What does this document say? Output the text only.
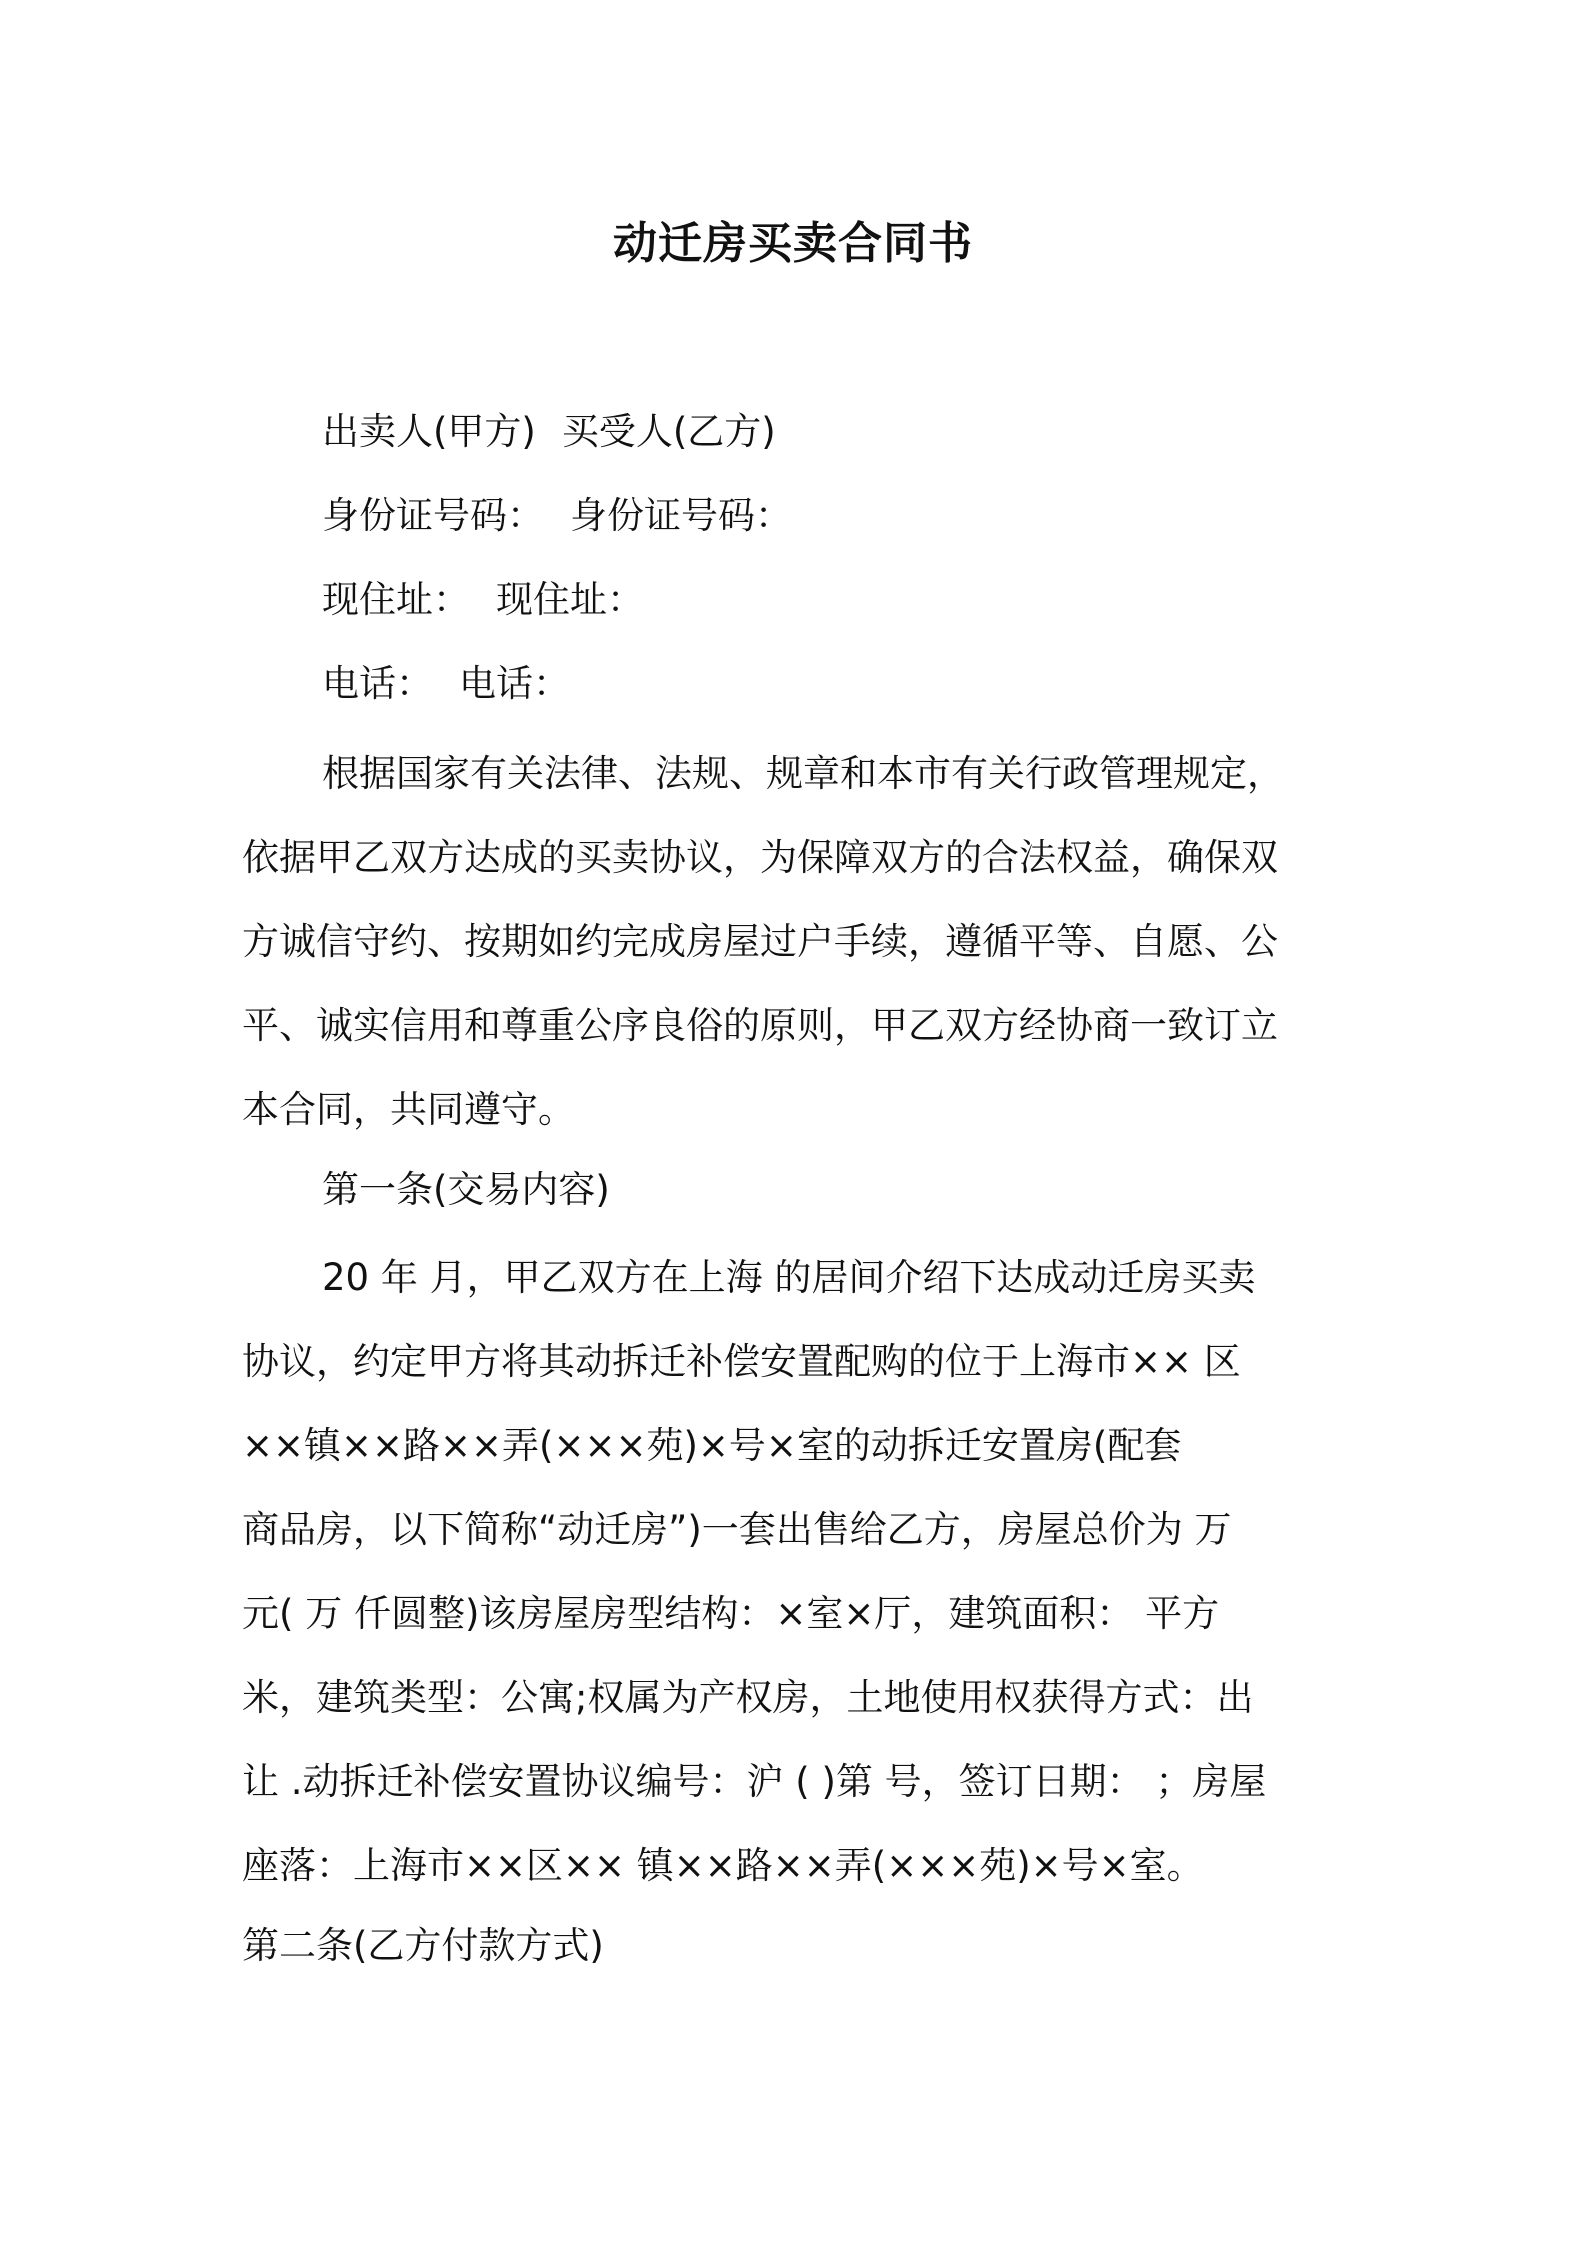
动迁房买卖合同书
出卖人(甲方) 买受人(乙方)
身份证号码： 身份证号码：
现住址： 现住址：
电话： 电话：
根据国家有关法律、法规、规章和本市有关行政管理规定，
依据甲乙双方达成的买卖协议，为保障双方的合法权益，确保双
方诚信守约、按期如约完成房屋过户手续，遵循平等、自愿、公
平、诚实信用和尊重公序良俗的原则，甲乙双方经协商一致订立
本合同，共同遵守。
第一条(交易内容)
20 年 月，甲乙双方在上海 的居间介绍下达成动迁房买卖
协议，约定甲方将其动拆迁补偿安置配购的位于上海市×× 区
××镇××路××弄(×××苑)×号×室的动拆迁安置房(配套
商品房，以下简称“动迁房”)一套出售给乙方，房屋总价为 万
元( 万 仟圆整)该房屋房型结构：×室×厅，建筑面积： 平方
米，建筑类型：公寓;权属为产权房，土地使用权获得方式：出
让 .动拆迁补偿安置协议编号：沪 ( )第 号，签订日期： ；房屋
座落：上海市××区×× 镇××路××弄(×××苑)×号×室。
第二条(乙方付款方式)
